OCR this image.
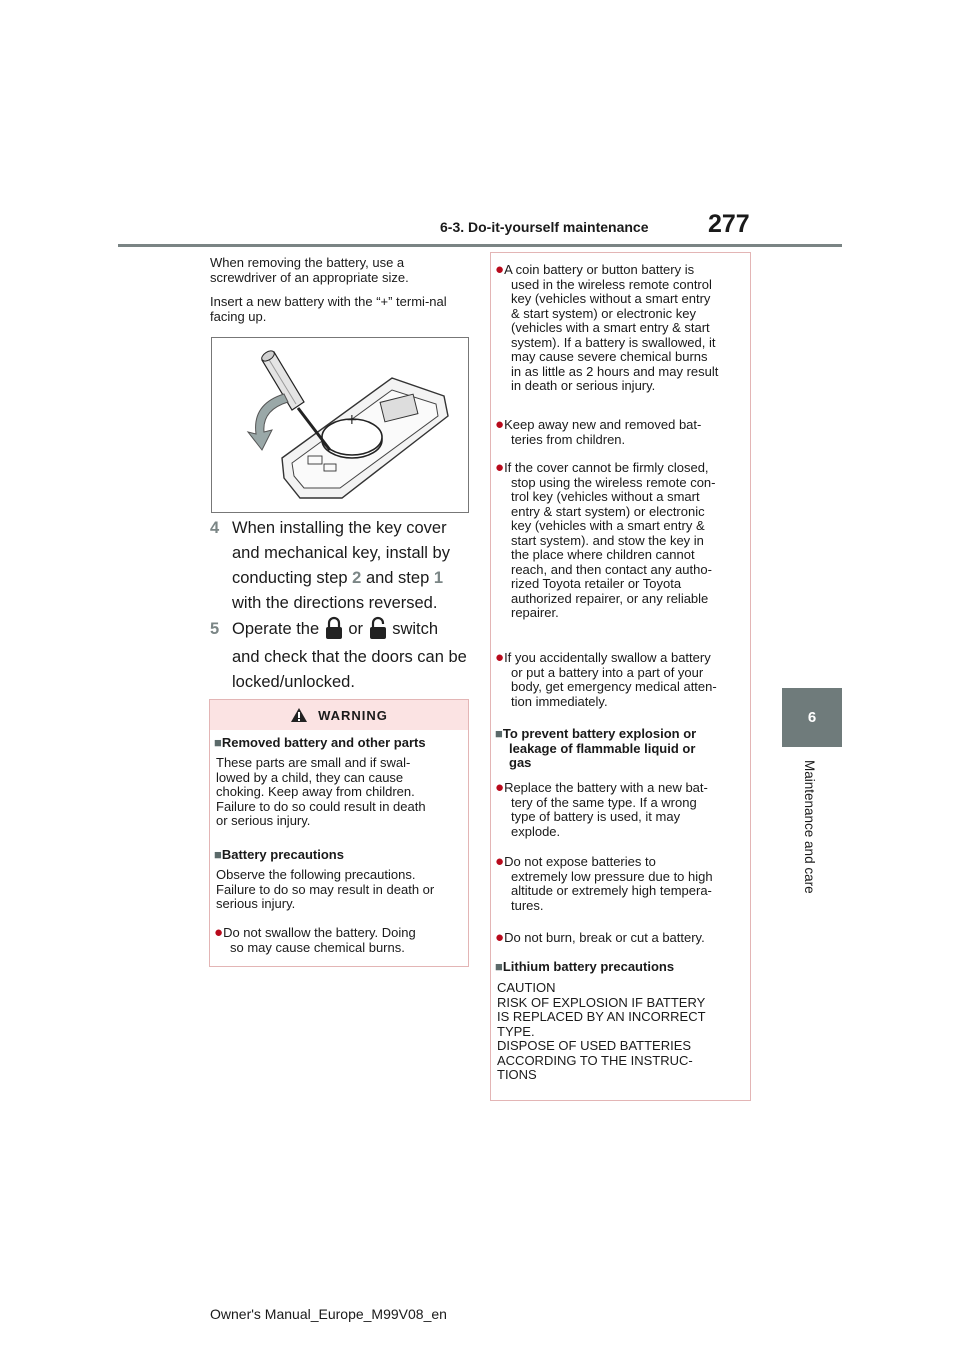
6-3. Do-it-yourself maintenance 277
6
Maintenance and care
When removing the battery, use a screwdriver of an appropriate size.
Insert a new battery with the “+” termi-nal facing up.
+
4 When installing the key cover
and mechanical key, install by
conducting step 2 and step 1
with the directions reversed.
5 Operate the  or  switch
and check that the doors can be
locked/unlocked.
WARNING
■Removed battery and other parts
These parts are small and if swal-
lowed by a child, they can cause
choking. Keep away from children.
Failure to do so could result in death
or serious injury.
■Battery precautions
Observe the following precautions.
Failure to do so may result in death or
serious injury.
●Do not swallow the battery. Doing
so may cause chemical burns.
●A coin battery or button battery is
used in the wireless remote control
key (vehicles without a smart entry
& start system) or electronic key
(vehicles with a smart entry & start
system). If a battery is swallowed, it
may cause severe chemical burns
in as little as 2 hours and may result
in death or serious injury.
●Keep away new and removed bat-
teries from children.
●If the cover cannot be firmly closed,
stop using the wireless remote con-
trol key (vehicles without a smart
entry & start system) or electronic
key (vehicles with a smart entry &
start system). and stow the key in
the place where children cannot
reach, and then contact any autho-
rized Toyota retailer or Toyota
authorized repairer, or any reliable
repairer.
●If you accidentally swallow a battery
or put a battery into a part of your
body, get emergency medical atten-
tion immediately.
■To prevent battery explosion or
leakage of flammable liquid or
gas
●Replace the battery with a new bat-
tery of the same type. If a wrong
type of battery is used, it may
explode.
●Do not expose batteries to
extremely low pressure due to high
altitude or extremely high tempera-
tures.
●Do not burn, break or cut a battery.
■Lithium battery precautions
CAUTION
RISK OF EXPLOSION IF BATTERY
IS REPLACED BY AN INCORRECT
TYPE.
DISPOSE OF USED BATTERIES
ACCORDING TO THE INSTRUC-
TIONS
Owner's Manual_Europe_M99V08_en
